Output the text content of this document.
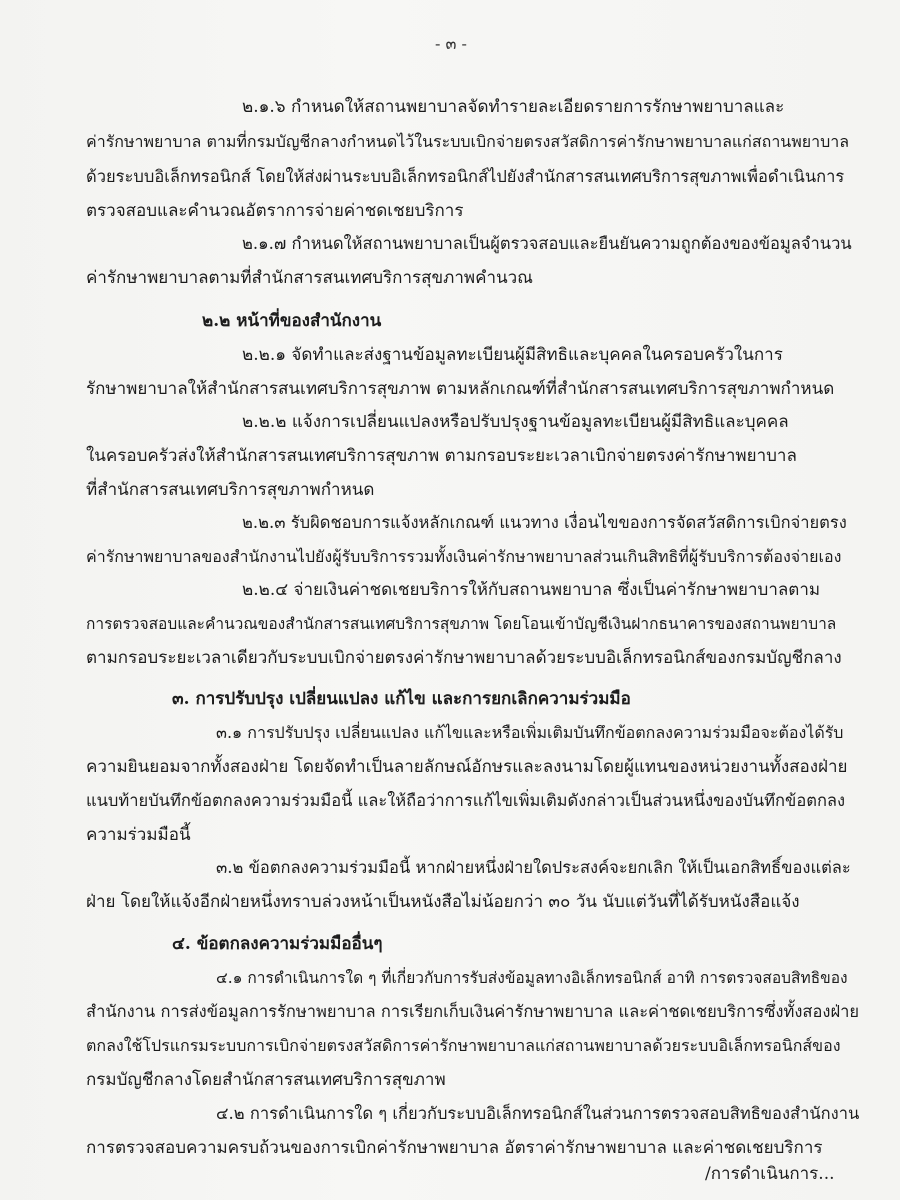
- ๓ -
๒.๑.๖ กำหนดให้สถานพยาบาลจัดทำรายละเอียดรายการรักษาพยาบาลและ
ค่ารักษาพยาบาล ตามที่กรมบัญชีกลางกำหนดไว้ในระบบเบิกจ่ายตรงสวัสดิการค่ารักษาพยาบาลแก่สถานพยาบาล
ด้วยระบบอิเล็กทรอนิกส์ โดยให้ส่งผ่านระบบอิเล็กทรอนิกส์ไปยังสำนักสารสนเทศบริการสุขภาพเพื่อดำเนินการ
ตรวจสอบและคำนวณอัตราการจ่ายค่าชดเชยบริการ
๒.๑.๗ กำหนดให้สถานพยาบาลเป็นผู้ตรวจสอบและยืนยันความถูกต้องของข้อมูลจำนวน
ค่ารักษาพยาบาลตามที่สำนักสารสนเทศบริการสุขภาพคำนวณ
๒.๒ หน้าที่ของสำนักงาน
๒.๒.๑ จัดทำและส่งฐานข้อมูลทะเบียนผู้มีสิทธิและบุคคลในครอบครัวในการ
รักษาพยาบาลให้สำนักสารสนเทศบริการสุขภาพ ตามหลักเกณฑ์ที่สำนักสารสนเทศบริการสุขภาพกำหนด
๒.๒.๒ แจ้งการเปลี่ยนแปลงหรือปรับปรุงฐานข้อมูลทะเบียนผู้มีสิทธิและบุคคล
ในครอบครัวส่งให้สำนักสารสนเทศบริการสุขภาพ ตามกรอบระยะเวลาเบิกจ่ายตรงค่ารักษาพยาบาล
ที่สำนักสารสนเทศบริการสุขภาพกำหนด
๒.๒.๓ รับผิดชอบการแจ้งหลักเกณฑ์ แนวทาง เงื่อนไขของการจัดสวัสดิการเบิกจ่ายตรง
ค่ารักษาพยาบาลของสำนักงานไปยังผู้รับบริการรวมทั้งเงินค่ารักษาพยาบาลส่วนเกินสิทธิที่ผู้รับบริการต้องจ่ายเอง
๒.๒.๔ จ่ายเงินค่าชดเชยบริการให้กับสถานพยาบาล ซึ่งเป็นค่ารักษาพยาบาลตาม
การตรวจสอบและคำนวณของสำนักสารสนเทศบริการสุขภาพ โดยโอนเข้าบัญชีเงินฝากธนาคารของสถานพยาบาล
ตามกรอบระยะเวลาเดียวกับระบบเบิกจ่ายตรงค่ารักษาพยาบาลด้วยระบบอิเล็กทรอนิกส์ของกรมบัญชีกลาง
๓. การปรับปรุง เปลี่ยนแปลง แก้ไข และการยกเลิกความร่วมมือ
๓.๑ การปรับปรุง เปลี่ยนแปลง แก้ไขและหรือเพิ่มเติมบันทึกข้อตกลงความร่วมมือจะต้องได้รับ
ความยินยอมจากทั้งสองฝ่าย โดยจัดทำเป็นลายลักษณ์อักษรและลงนามโดยผู้แทนของหน่วยงานทั้งสองฝ่าย
แนบท้ายบันทึกข้อตกลงความร่วมมือนี้ และให้ถือว่าการแก้ไขเพิ่มเติมดังกล่าวเป็นส่วนหนึ่งของบันทึกข้อตกลง
ความร่วมมือนี้
๓.๒ ข้อตกลงความร่วมมือนี้ หากฝ่ายหนึ่งฝ่ายใดประสงค์จะยกเลิก ให้เป็นเอกสิทธิ์ของแต่ละ
ฝ่าย โดยให้แจ้งอีกฝ่ายหนึ่งทราบล่วงหน้าเป็นหนังสือไม่น้อยกว่า ๓๐ วัน นับแต่วันที่ได้รับหนังสือแจ้ง
๔. ข้อตกลงความร่วมมืออื่นๆ
๔.๑ การดำเนินการใด ๆ ที่เกี่ยวกับการรับส่งข้อมูลทางอิเล็กทรอนิกส์ อาทิ การตรวจสอบสิทธิของ
สำนักงาน การส่งข้อมูลการรักษาพยาบาล การเรียกเก็บเงินค่ารักษาพยาบาล และค่าชดเชยบริการซึ่งทั้งสองฝ่าย
ตกลงใช้โปรแกรมระบบการเบิกจ่ายตรงสวัสดิการค่ารักษาพยาบาลแก่สถานพยาบาลด้วยระบบอิเล็กทรอนิกส์ของ
กรมบัญชีกลางโดยสำนักสารสนเทศบริการสุขภาพ
๔.๒ การดำเนินการใด ๆ เกี่ยวกับระบบอิเล็กทรอนิกส์ในส่วนการตรวจสอบสิทธิของสำนักงาน
การตรวจสอบความครบถ้วนของการเบิกค่ารักษาพยาบาล อัตราค่ารักษาพยาบาล และค่าชดเชยบริการ
/การดำเนินการ...
